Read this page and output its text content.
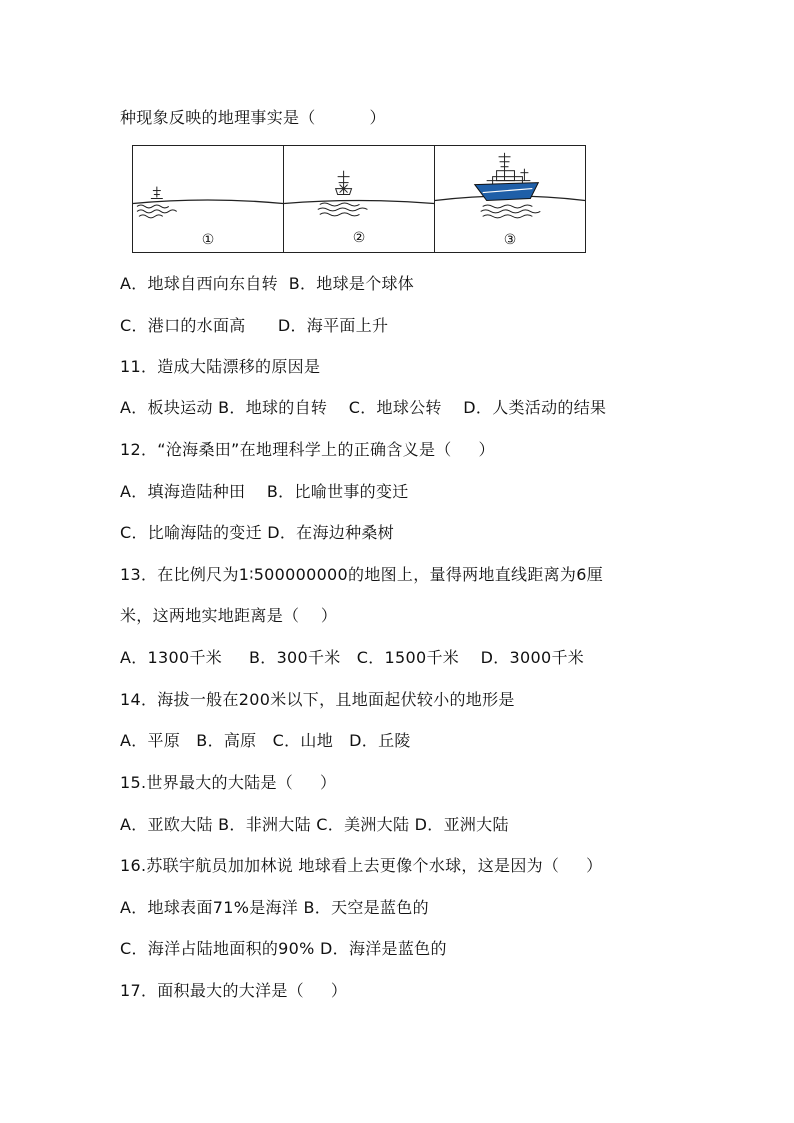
种现象反映的地理事实是（          ）
①	②	③
A．地球自西向东自转  B．地球是个球体
C．港口的水面高      D．海平面上升
11．造成大陆漂移的原因是
A．板块运动 B．地球的自转    C．地球公转    D．人类活动的结果
12．“沧海桑田”在地理科学上的正确含义是（     ）
A．填海造陆种田    B．比喻世事的变迁
C．比喻海陆的变迁 D．在海边种桑树
13．在比例尺为1∶500000000的地图上，量得两地直线距离为6厘
米，这两地实地距离是（    ）
A．1300千米     B．300千米   C．1500千米    D．3000千米
14．海拔一般在200米以下，且地面起伏较小的地形是
A．平原   B．高原   C．山地   D．丘陵
15.世界最大的大陆是（     ）
A．亚欧大陆 B．非洲大陆 C．美洲大陆 D．亚洲大陆
16.苏联宇航员加加林说 地球看上去更像个水球，这是因为（     ）
A．地球表面71%是海洋 B．天空是蓝色的
C．海洋占陆地面积的90% D．海洋是蓝色的
17．面积最大的大洋是（     ）
